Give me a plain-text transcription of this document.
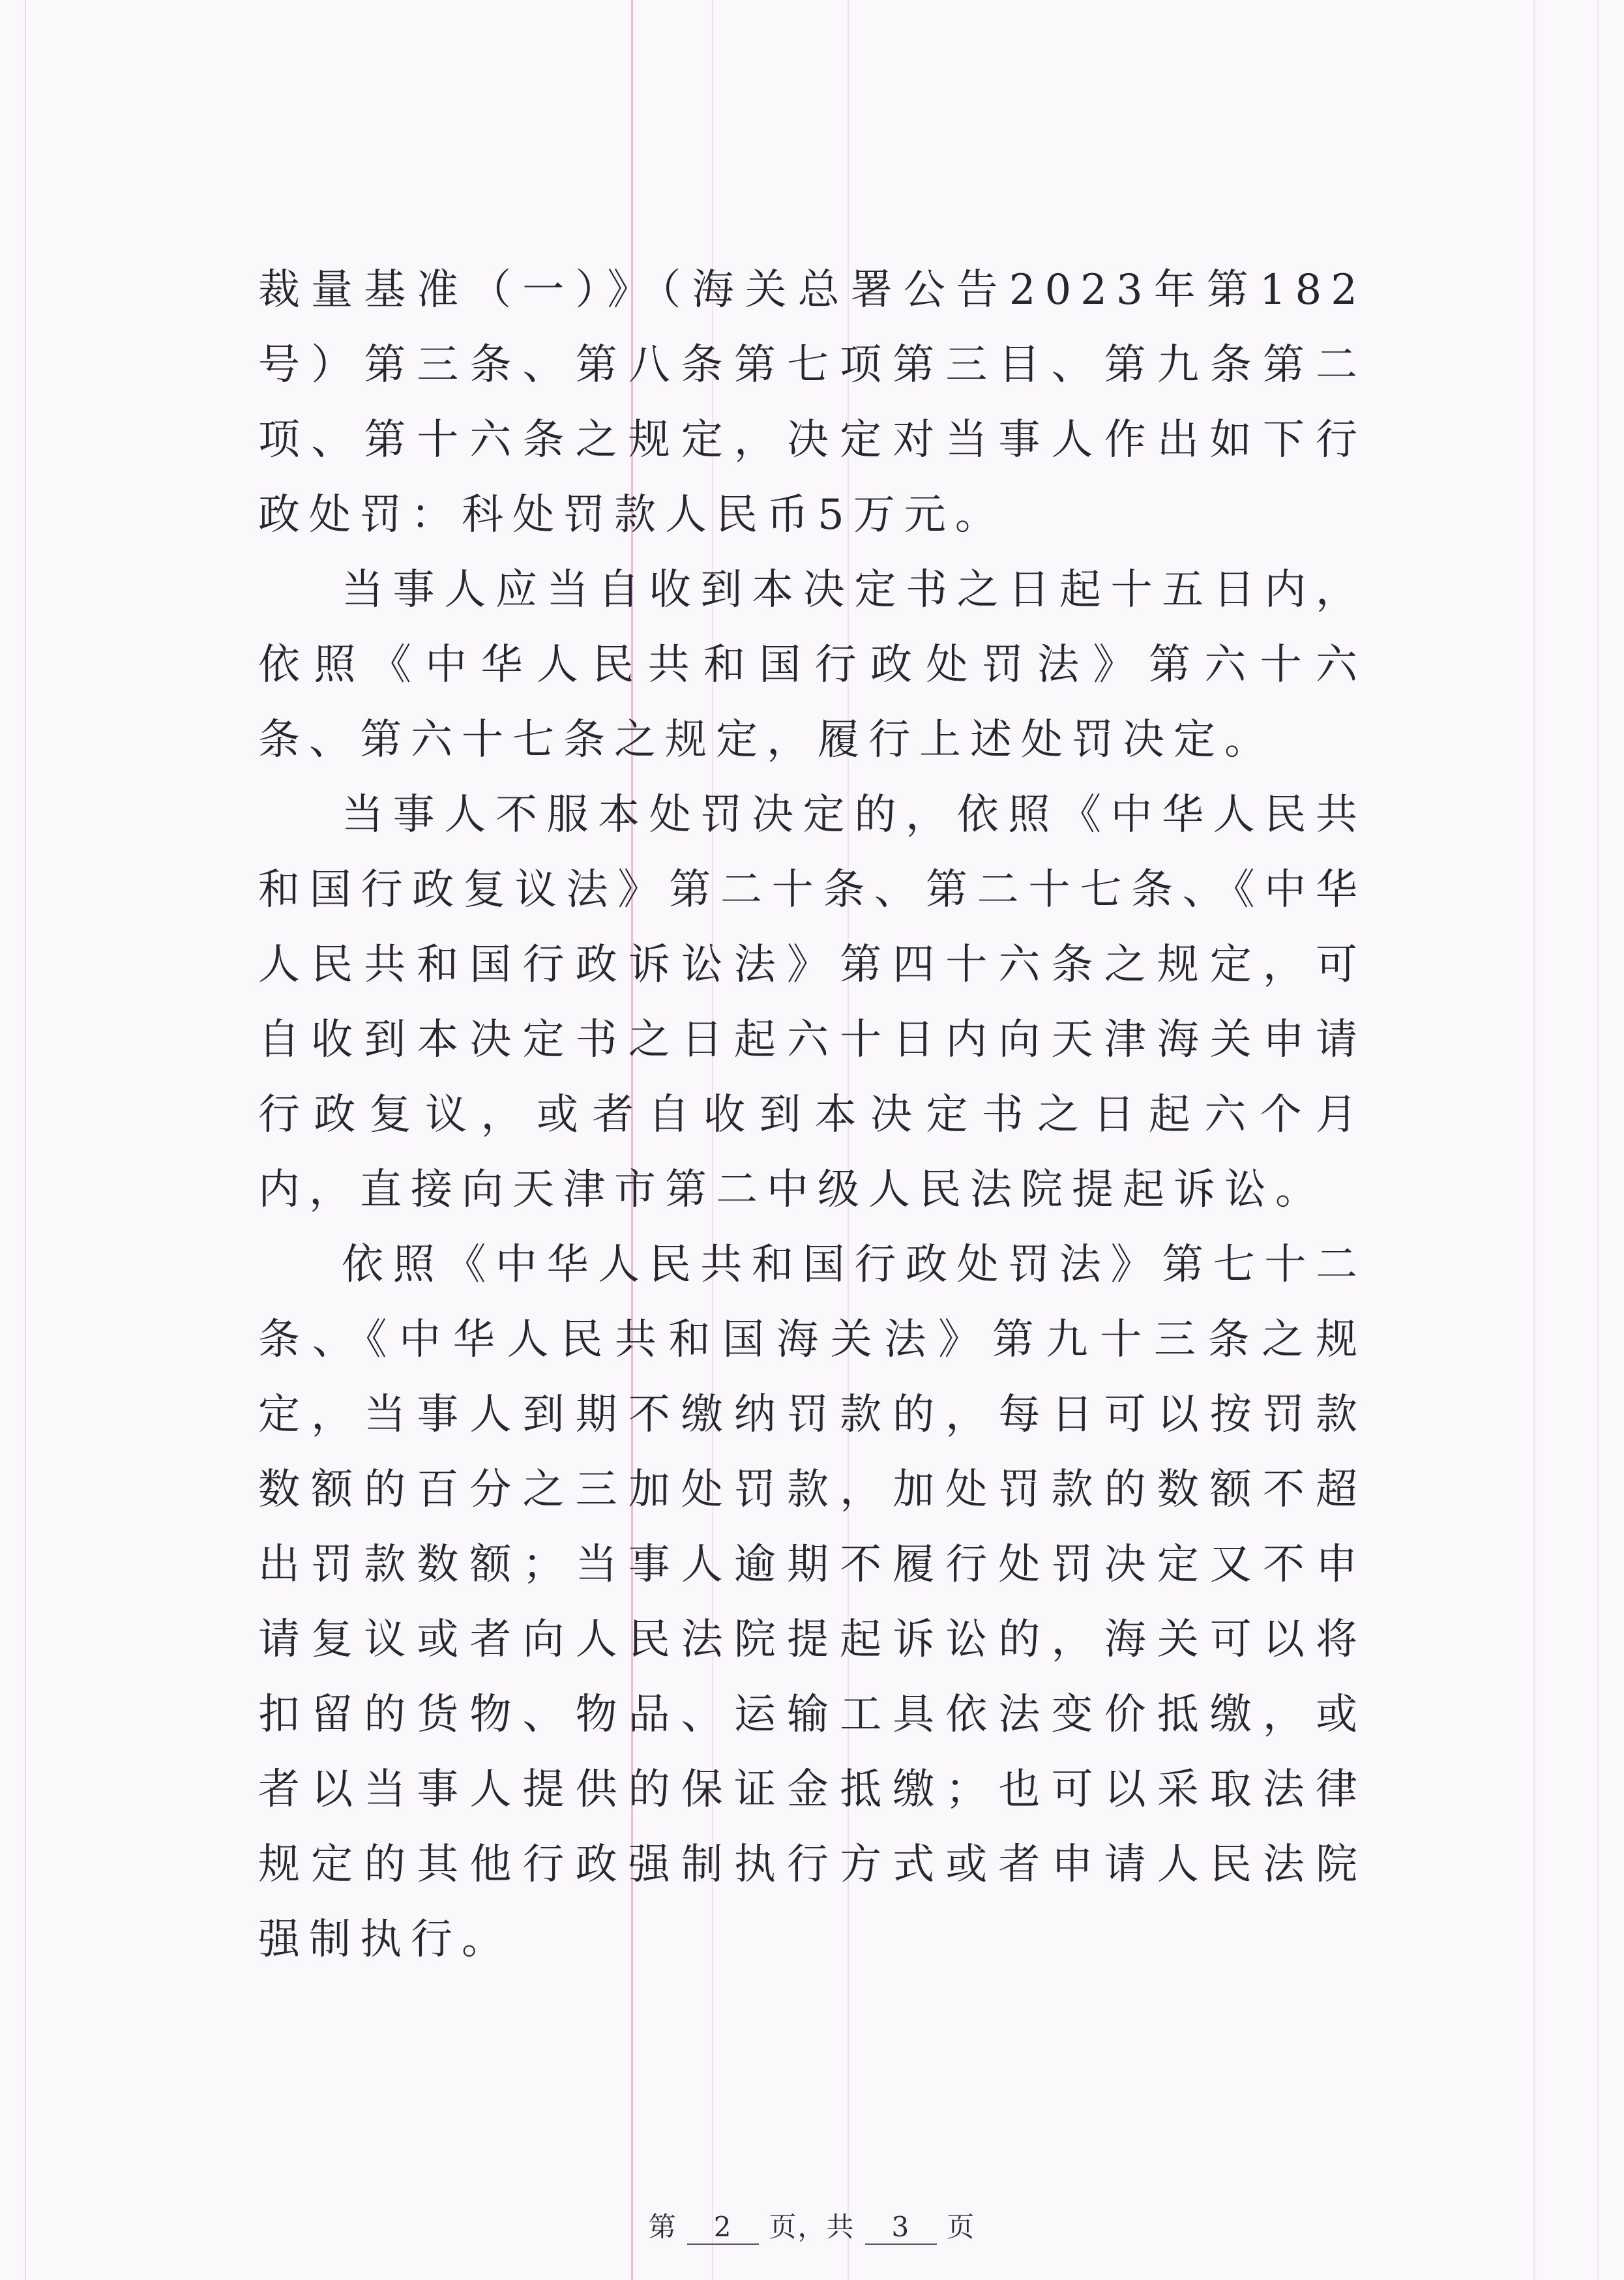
裁量基准（一）》（海关总署公告2023年第182号）第三条、第八条第七项第三目、第九条第二项、第十六条之规定，决定对当事人作出如下行政处罚：科处罚款人民币5万元。

当事人应当自收到本决定书之日起十五日内，依照《中华人民共和国行政处罚法》第六十六条、第六十七条之规定，履行上述处罚决定。

当事人不服本处罚决定的，依照《中华人民共和国行政复议法》第二十条、第二十七条、《中华人民共和国行政诉讼法》第四十六条之规定，可自收到本决定书之日起六十日内向天津海关申请行政复议，或者自收到本决定书之日起六个月内，直接向天津市第二中级人民法院提起诉讼。

依照《中华人民共和国行政处罚法》第七十二条、《中华人民共和国海关法》第九十三条之规定，当事人到期不缴纳罚款的，每日可以按罚款数额的百分之三加处罚款，加处罚款的数额不超出罚款数额；当事人逾期不履行处罚决定又不申请复议或者向人民法院提起诉讼的，海关可以将扣留的货物、物品、运输工具依法变价抵缴，或者以当事人提供的保证金抵缴；也可以采取法律规定的其他行政强制执行方式或者申请人民法院强制执行。

第 2 页，共 3 页
